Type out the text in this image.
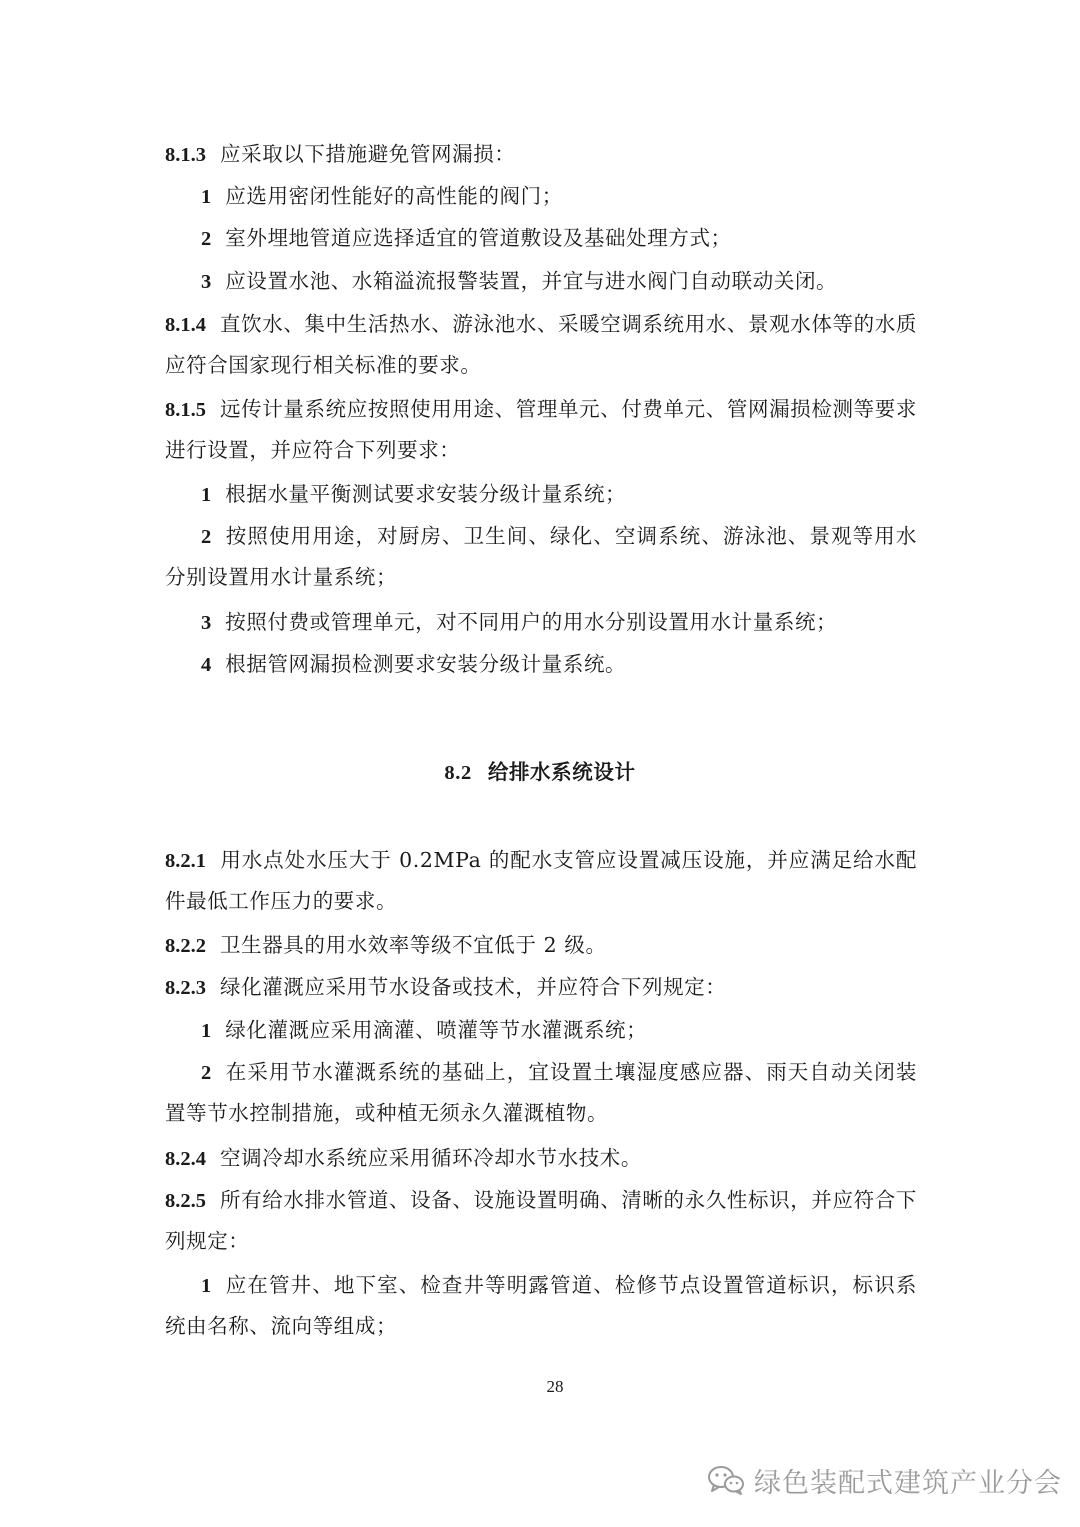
8.1.3 应采取以下措施避免管网漏损：

1 应选用密闭性能好的高性能的阀门；

2 室外埋地管道应选择适宜的管道敷设及基础处理方式；

3 应设置水池、水箱溢流报警装置，并宜与进水阀门自动联动关闭。

8.1.4 直饮水、集中生活热水、游泳池水、采暖空调系统用水、景观水体等的水质应符合国家现行相关标准的要求。

8.1.5 远传计量系统应按照使用用途、管理单元、付费单元、管网漏损检测等要求进行设置，并应符合下列要求：

1 根据水量平衡测试要求安装分级计量系统；

2 按照使用用途，对厨房、卫生间、绿化、空调系统、游泳池、景观等用水分别设置用水计量系统；

3 按照付费或管理单元，对不同用户的用水分别设置用水计量系统；

4 根据管网漏损检测要求安装分级计量系统。

8.2 给排水系统设计

8.2.1 用水点处水压大于 0.2MPa 的配水支管应设置减压设施，并应满足给水配件最低工作压力的要求。

8.2.2 卫生器具的用水效率等级不宜低于 2 级。

8.2.3 绿化灌溉应采用节水设备或技术，并应符合下列规定：

1 绿化灌溉应采用滴灌、喷灌等节水灌溉系统；

2 在采用节水灌溉系统的基础上，宜设置土壤湿度感应器、雨天自动关闭装置等节水控制措施，或种植无须永久灌溉植物。

8.2.4 空调冷却水系统应采用循环冷却水节水技术。

8.2.5 所有给水排水管道、设备、设施设置明确、清晰的永久性标识，并应符合下列规定：

1 应在管井、地下室、检查井等明露管道、检修节点设置管道标识，标识系统由名称、流向等组成；

28
绿色装配式建筑产业分会
